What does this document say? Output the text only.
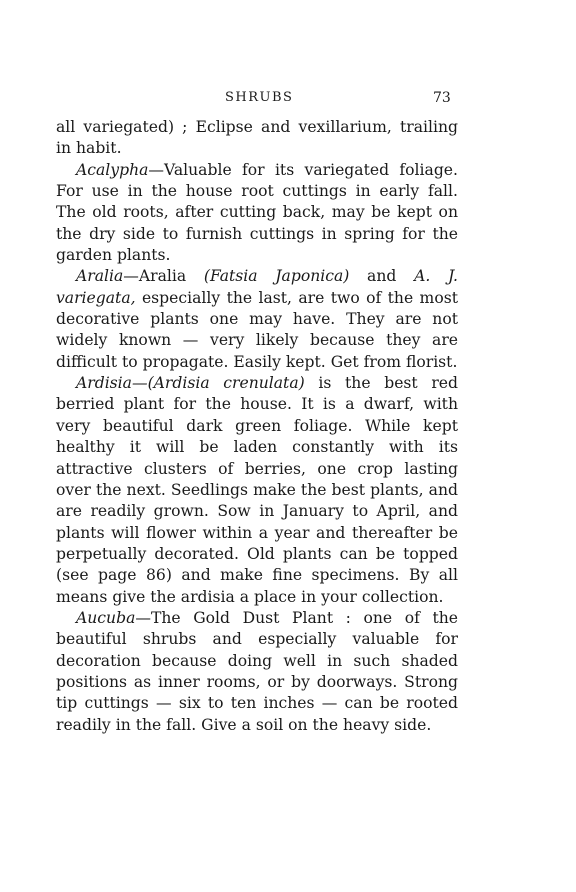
SHRUBS	73

all variegated) ; Eclipse and vexillarium, trailing in habit.

Acalypha—Valuable for its variegated foliage. For use in the house root cuttings in early fall. The old roots, after cutting back, may be kept on the dry side to furnish cuttings in spring for the garden plants.

Aralia—Aralia (Fatsia Japonica) and A. J. variegata, especially the last, are two of the most decorative plants one may have. They are not widely known — very likely because they are difficult to propagate. Easily kept. Get from florist.

Ardisia—(Ardisia crenulata) is the best red berried plant for the house. It is a dwarf, with very beautiful dark green foliage. While kept healthy it will be laden constantly with its attractive clusters of berries, one crop lasting over the next. Seedlings make the best plants, and are readily grown. Sow in January to April, and plants will flower within a year and thereafter be perpetually decorated. Old plants can be topped (see page 86) and make fine specimens. By all means give the ardisia a place in your collection.

Aucuba—The Gold Dust Plant : one of the beautiful shrubs and especially valuable for decoration because doing well in such shaded positions as inner rooms, or by doorways. Strong tip cuttings — six to ten inches — can be rooted readily in the fall. Give a soil on the heavy side.
